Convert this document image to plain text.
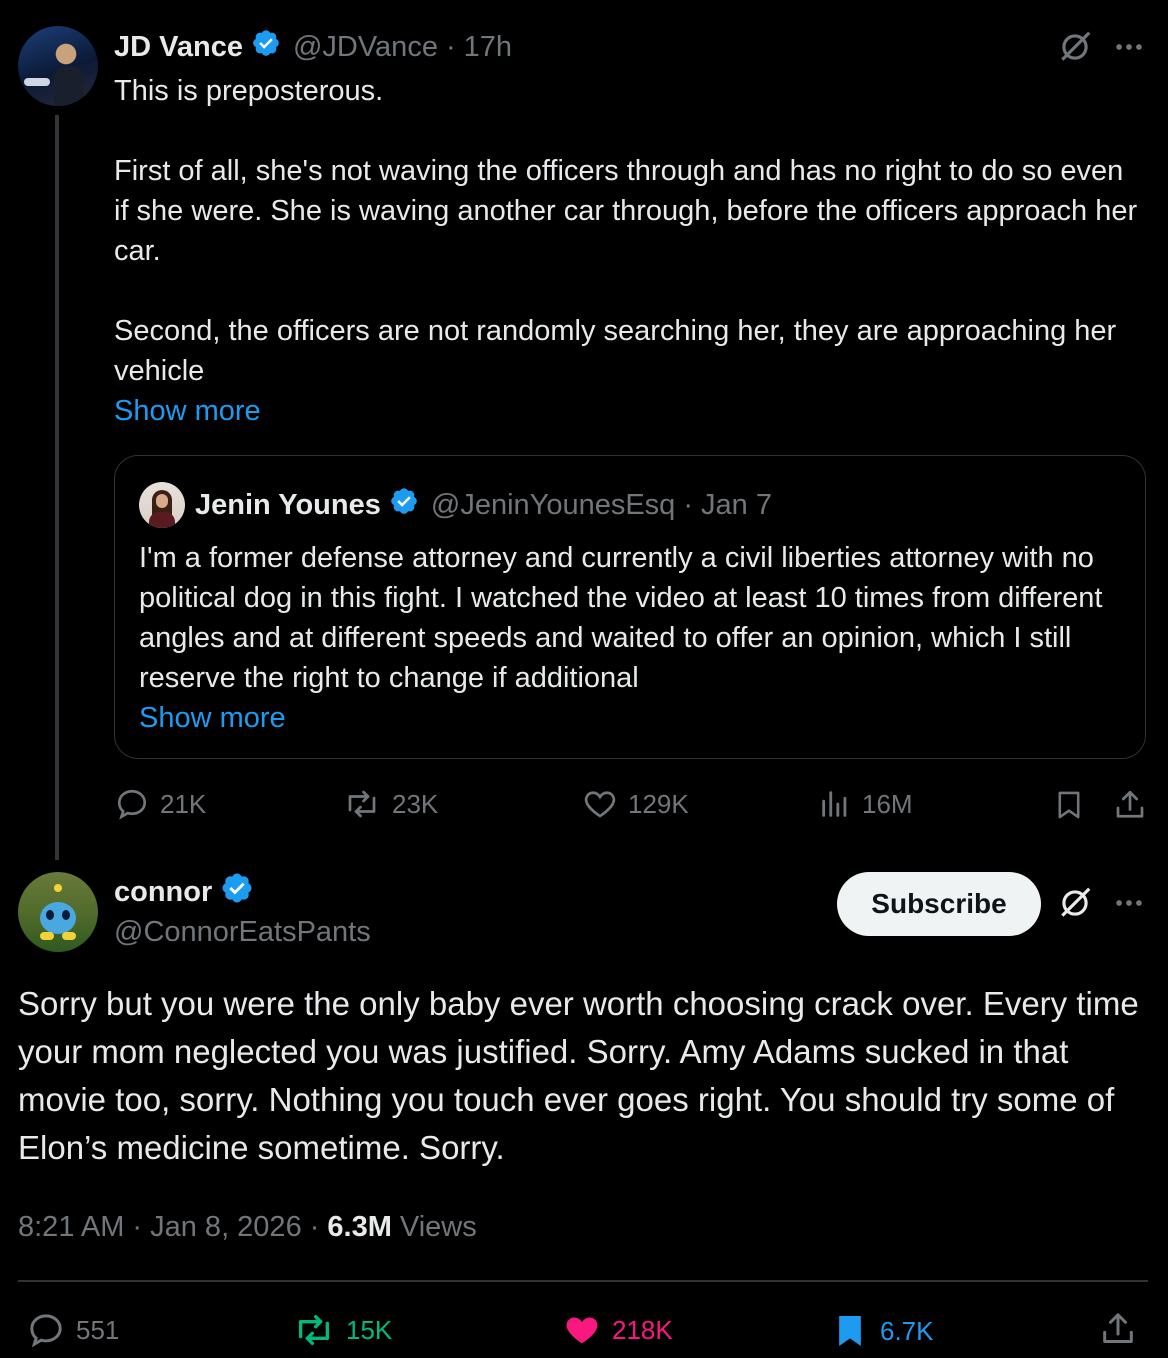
JD Vance @JDVance · 17h
This is preposterous.

First of all, she's not waving the officers through and has no right to do so even if she were. She is waving another car through, before the officers approach her car.

Second, the officers are not randomly searching her, they are approaching her vehicle
Show more
Jenin Younes @JeninYounesEsq · Jan 7
I'm a former defense attorney and currently a civil liberties attorney with no political dog in this fight. I watched the video at least 10 times from different angles and at different speeds and waited to offer an opinion, which I still reserve the right to change if additional
Show more
21K	23K	129K	16M
connor
@ConnorEatsPants
Subscribe
Sorry but you were the only baby ever worth choosing crack over. Every time your mom neglected you was justified. Sorry. Amy Adams sucked in that movie too, sorry. Nothing you touch ever goes right. You should try some of Elon’s medicine sometime. Sorry.
8:21 AM · Jan 8, 2026 · 6.3M Views
551	15K	218K	6.7K
